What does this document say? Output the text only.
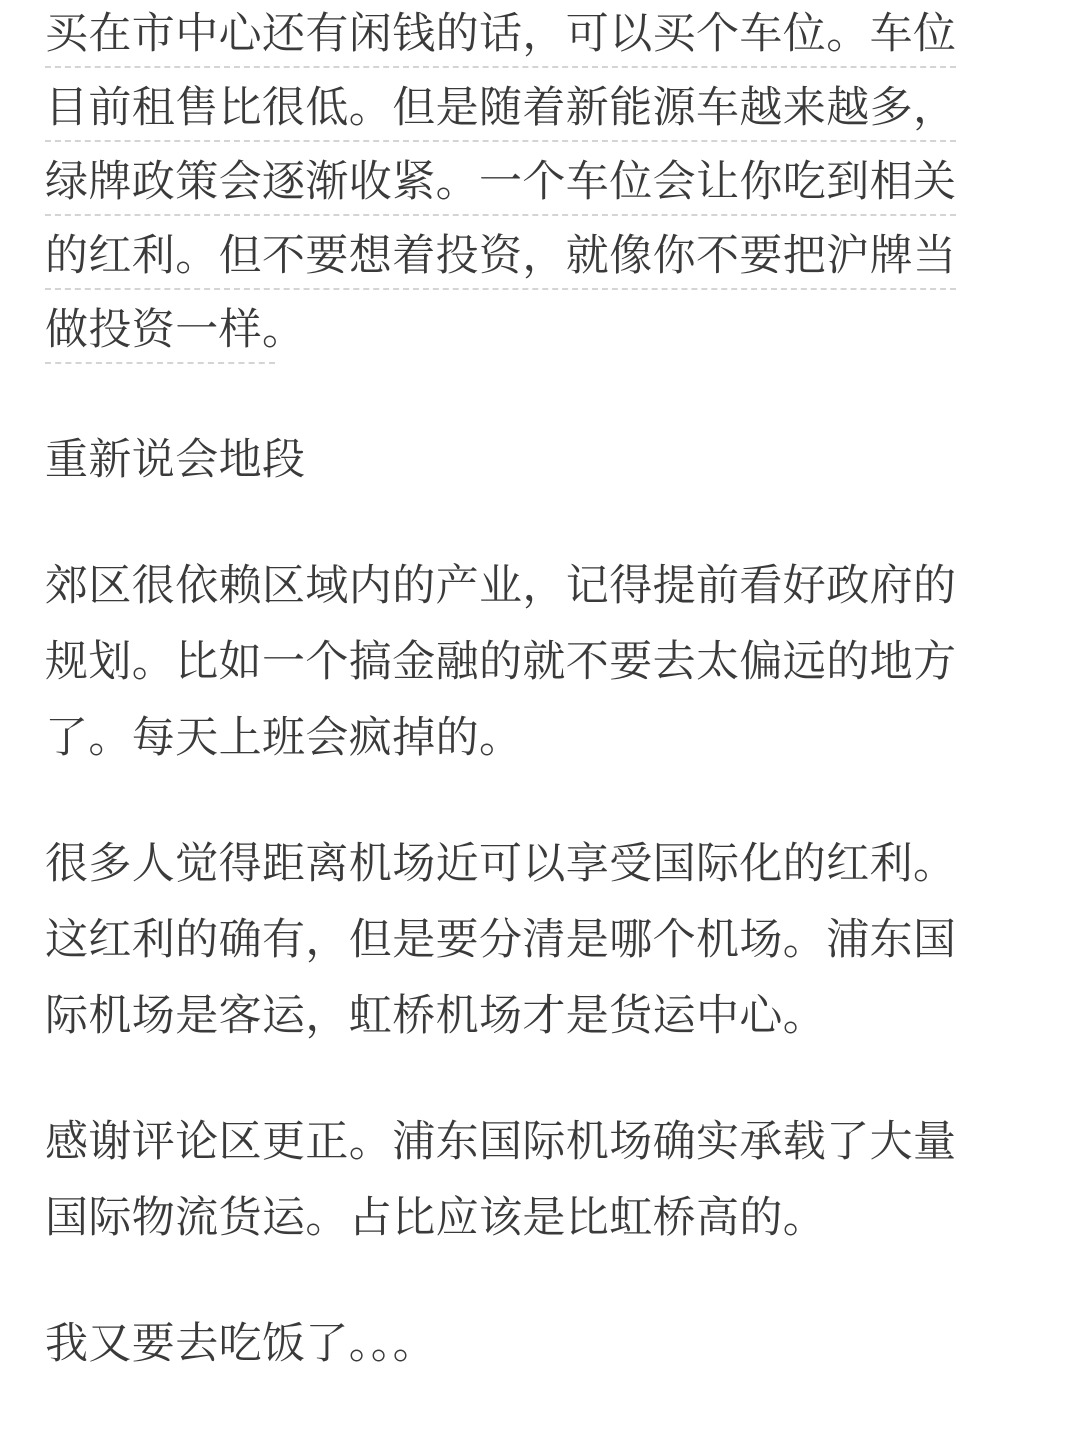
买在市中心还有闲钱的话，可以买个车位。车位
目前租售比很低。但是随着新能源车越来越多，
绿牌政策会逐渐收紧。一个车位会让你吃到相关
的红利。但不要想着投资，就像你不要把沪牌当
做投资一样。
重新说会地段
郊区很依赖区域内的产业，记得提前看好政府的
规划。比如一个搞金融的就不要去太偏远的地方
了。每天上班会疯掉的。
很多人觉得距离机场近可以享受国际化的红利。
这红利的确有，但是要分清是哪个机场。浦东国
际机场是客运，虹桥机场才是货运中心。
感谢评论区更正。浦东国际机场确实承载了大量
国际物流货运。占比应该是比虹桥高的。
我又要去吃饭了。。。
